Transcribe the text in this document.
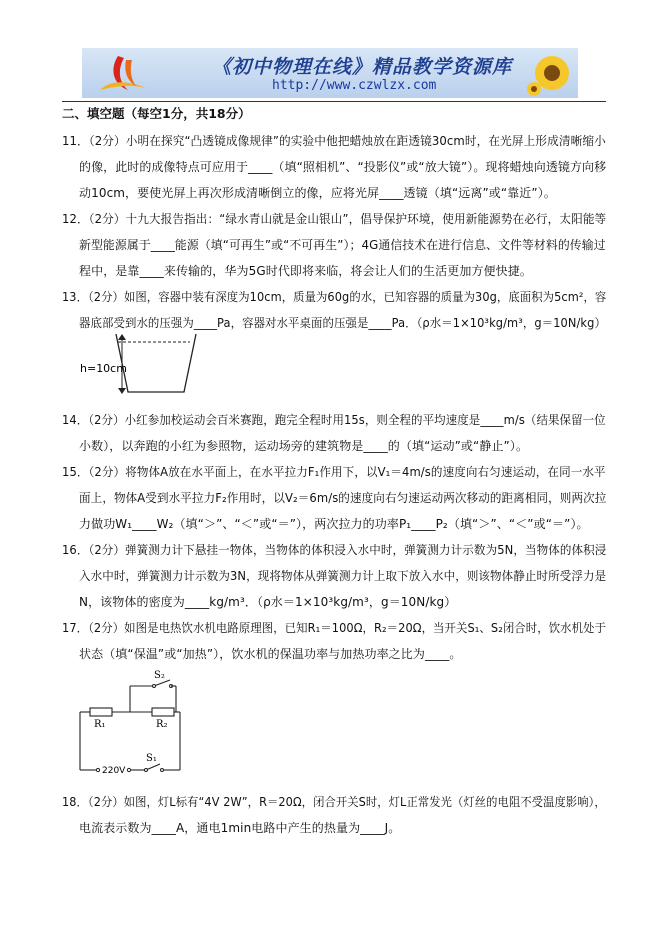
《初中物理在线》精品教学资源库
http://www.czwlzx.com
二、填空题（每空1分，共18分）
11．（2分）小明在探究“凸透镜成像规律”的实验中他把蜡烛放在距透镜30cm时，在光屏上形成清晰缩小
的像，此时的成像特点可应用于____（填“照相机”、“投影仪”或“放大镜”）。现将蜡烛向透镜方向移
动10cm，要使光屏上再次形成清晰倒立的像，应将光屏____透镜（填“远离”或“靠近”）。
12．（2分）十九大报告指出：“绿水青山就是金山银山”，倡导保护环境，使用新能源势在必行，太阳能等
新型能源属于____能源（填“可再生”或“不可再生”）；4G通信技术在进行信息、文件等材料的传输过
程中，是靠____来传输的，华为5G时代即将来临，将会让人们的生活更加方便快捷。
13．（2分）如图，容器中装有深度为10cm，质量为60g的水，已知容器的质量为30g，底面积为5cm²，容
器底部受到水的压强为____Pa，容器对水平桌面的压强是____Pa．（ρ水＝1×10³kg/m³，g＝10N/kg）
h=10cm
14．（2分）小红参加校运动会百米赛跑，跑完全程时用15s，则全程的平均速度是____m/s（结果保留一位
小数），以奔跑的小红为参照物，运动场旁的建筑物是____的（填“运动”或“静止”）。
15．（2分）将物体A放在水平面上，在水平拉力F₁作用下，以V₁＝4m/s的速度向右匀速运动，在同一水平
面上，物体A受到水平拉力F₂作用时，以V₂＝6m/s的速度向右匀速运动两次移动的距离相同，则两次拉
力做功W₁____W₂（填“＞”、“＜”或“＝”），两次拉力的功率P₁____P₂（填“＞”、“＜”或“＝”）。
16．（2分）弹簧测力计下悬挂一物体，当物体的体积浸入水中时，弹簧测力计示数为5N，当物体的体积浸
入水中时，弹簧测力计示数为3N，现将物体从弹簧测力计上取下放入水中，则该物体静止时所受浮力是
N，该物体的密度为____kg/m³．（ρ水＝1×10³kg/m³，g＝10N/kg）
17．（2分）如图是电热饮水机电路原理图，已知R₁＝100Ω，R₂＝20Ω，当开关S₁、S₂闭合时，饮水机处于
状态（填“保温”或“加热”），饮水机的保温功率与加热功率之比为____。
S₂
R₁	R₂
220V
S₁
18．（2分）如图，灯L标有“4V 2W”，R＝20Ω，闭合开关S时，灯L正常发光（灯丝的电阻不受温度影响），
电流表示数为____A，通电1min电路中产生的热量为____J。
